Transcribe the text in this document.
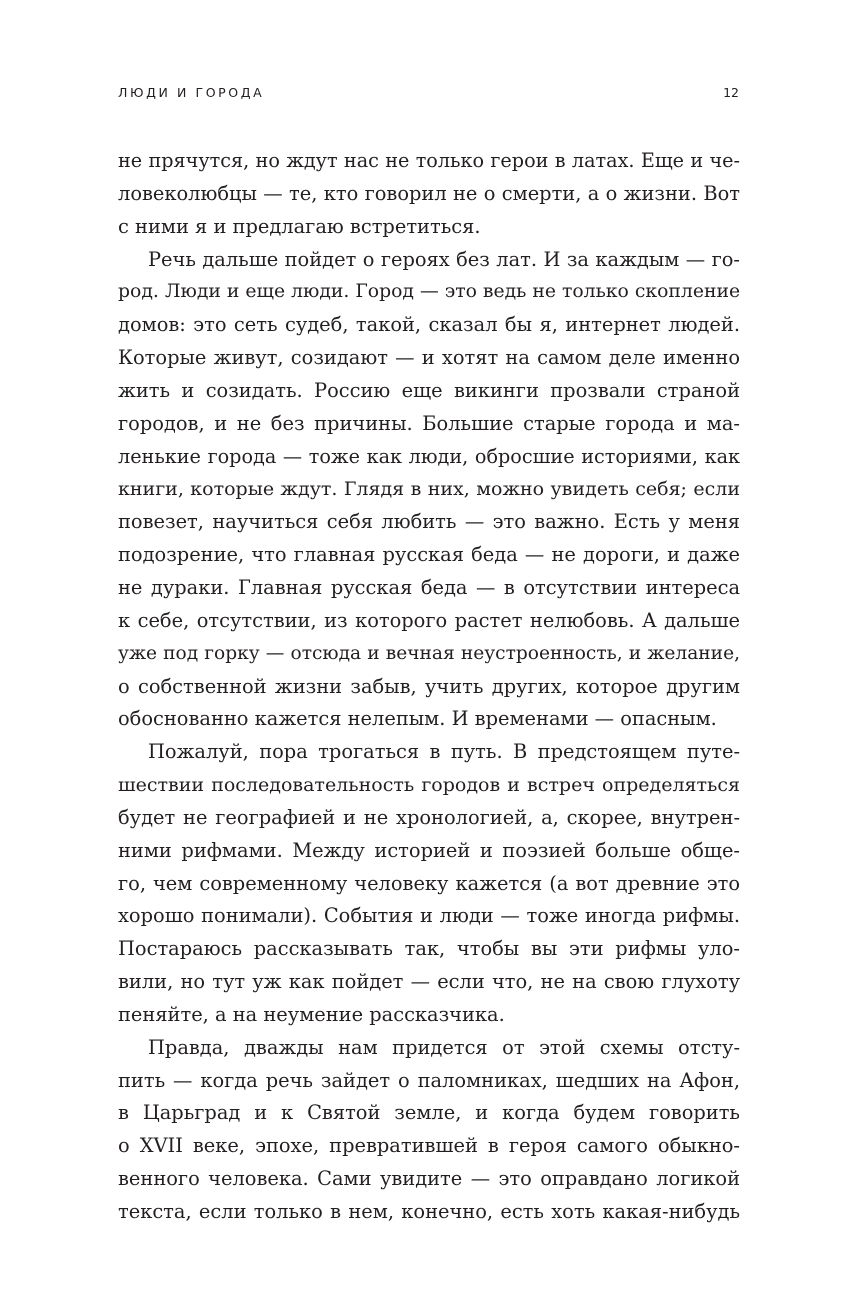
ЛЮДИ И ГОРОДА	12
не прячутся, но ждут нас не только герои в латах. Еще и че-
ловеколюбцы — те, кто говорил не о смерти, а о жизни. Вот
с ними я и предлагаю встретиться.
Речь дальше пойдет о героях без лат. И за каждым — го-
род. Люди и еще люди. Город — это ведь не только скопление
домов: это сеть судеб, такой, сказал бы я, интернет людей.
Которые живут, созидают — и хотят на самом деле именно
жить и созидать. Россию еще викинги прозвали страной
городов, и не без причины. Большие старые города и ма-
ленькие города — тоже как люди, обросшие историями, как
книги, которые ждут. Глядя в них, можно увидеть себя; если
повезет, научиться себя любить — это важно. Есть у меня
подозрение, что главная русская беда — не дороги, и даже
не дураки. Главная русская беда — в отсутствии интереса
к себе, отсутствии, из которого растет нелюбовь. А дальше
уже под горку — отсюда и вечная неустроенность, и желание,
о собственной жизни забыв, учить других, которое другим
обоснованно кажется нелепым. И временами — опасным.
Пожалуй, пора трогаться в путь. В предстоящем путе-
шествии последовательность городов и встреч определяться
будет не географией и не хронологией, а, скорее, внутрен-
ними рифмами. Между историей и поэзией больше обще-
го, чем современному человеку кажется (а вот древние это
хорошо понимали). События и люди — тоже иногда рифмы.
Постараюсь рассказывать так, чтобы вы эти рифмы уло-
вили, но тут уж как пойдет — если что, не на свою глухоту
пеняйте, а на неумение рассказчика.
Правда, дважды нам придется от этой схемы отсту-
пить — когда речь зайдет о паломниках, шедших на Афон,
в Царьград и к Святой земле, и когда будем говорить
о XVII веке, эпохе, превратившей в героя самого обыкно-
венного человека. Сами увидите — это оправдано логикой
текста, если только в нем, конечно, есть хоть какая-нибудь
